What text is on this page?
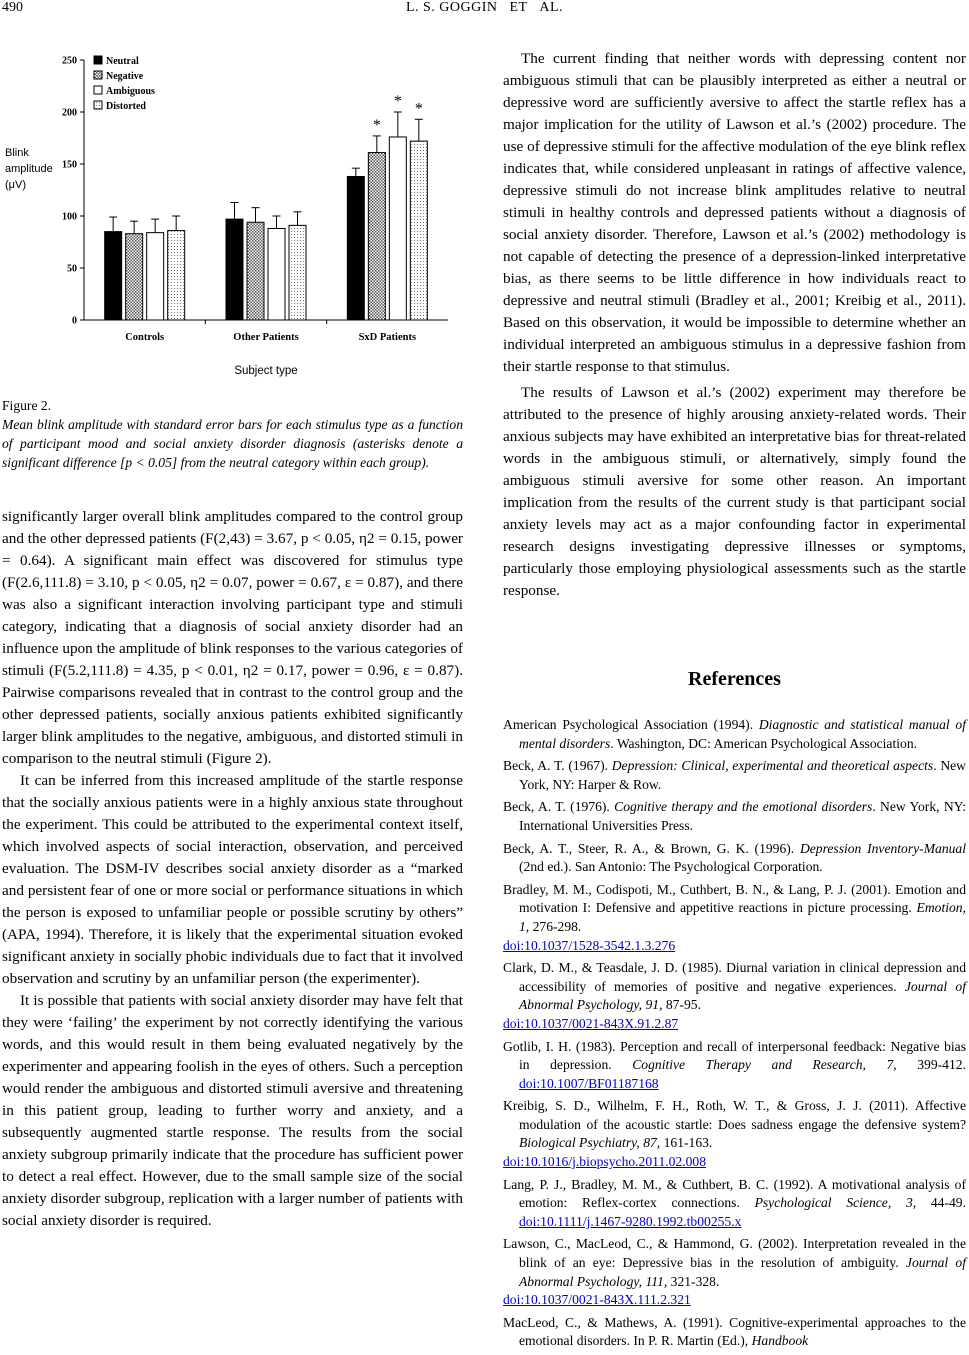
L. S. GOGGIN   ET   AL.
490
0
50
100
150
200
250	Neutral
Negative
Ambiguous
Distorted
Controls	Other Patients	SxD Patients
*
* *
Blink
amplitude
(μV)
Subject type
Figure 2.
Mean blink amplitude with standard error bars for each stimulus type as a function of participant mood and social anxiety disorder diagnosis (asterisks denote a significant difference [p < 0.05] from the neutral category within each group).

significantly larger overall blink amplitudes compared to the control group and the other depressed patients (F(2,43) = 3.67, p < 0.05, η2 = 0.15, power = 0.64). A significant main effect was discovered for stimulus type (F(2.6,111.8) = 3.10, p < 0.05, η2 = 0.07, power = 0.67, ε = 0.87), and there was also a significant interaction involving participant type and stimuli category, indicating that a diagnosis of social anxiety disorder had an influence upon the amplitude of blink responses to the various categories of stimuli (F(5.2,111.8) = 4.35, p < 0.01, η2 = 0.17, power = 0.96, ε = 0.87). Pairwise comparisons revealed that in contrast to the control group and the other depressed patients, socially anxious patients exhibited significantly larger blink amplitudes to the negative, ambiguous, and distorted stimuli in comparison to the neutral stimuli (Figure 2).

It can be inferred from this increased amplitude of the startle response that the socially anxious patients were in a highly anxious state throughout the experiment. This could be attributed to the experimental context itself, which involved aspects of social interaction, observation, and perceived evaluation. The DSM-IV describes social anxiety disorder as a “marked and persistent fear of one or more social or performance situations in which the person is exposed to unfamiliar people or possible scrutiny by others” (APA, 1994). Therefore, it is likely that the experimental situation evoked significant anxiety in socially phobic individuals due to fact that it involved observation and scrutiny by an unfamiliar person (the experimenter).

It is possible that patients with social anxiety disorder may have felt that they were ‘failing’ the experiment by not correctly identifying the various words, and this would result in them being evaluated negatively by the experimenter and appearing foolish in the eyes of others. Such a perception would render the ambiguous and distorted stimuli aversive and threatening in this patient group, leading to further worry and anxiety, and a subsequently augmented startle response. The results from the social anxiety subgroup primarily indicate that the procedure has sufficient power to detect a real effect. However, due to the small sample size of the social anxiety disorder subgroup, replication with a larger number of patients with social anxiety disorder is required.

The current finding that neither words with depressing content nor ambiguous stimuli that can be plausibly interpreted as either a neutral or depressive word are sufficiently aversive to affect the startle reflex has a major implication for the utility of Lawson et al.’s (2002) procedure. The use of depressive stimuli for the affective modulation of the eye blink reflex indicates that, while considered unpleasant in ratings of affective valence, depressive stimuli do not increase blink amplitudes relative to neutral stimuli in healthy controls and depressed patients without a diagnosis of social anxiety disorder. Therefore, Lawson et al.’s (2002) methodology is not capable of detecting the presence of a depression-linked interpretative bias, as there seems to be little difference in how individuals react to depressive and neutral stimuli (Bradley et al., 2001; Kreibig et al., 2011). Based on this observation, it would be impossible to determine whether an individual interpreted an ambiguous stimulus in a depressive fashion from their startle response to that stimulus.

The results of Lawson et al.’s (2002) experiment may therefore be attributed to the presence of highly arousing anxiety-related words. Their anxious subjects may have exhibited an interpretative bias for threat-related words in the ambiguous stimuli, or alternatively, simply found the ambiguous stimuli aversive for some other reason. An important implication from the results of the current study is that participant social anxiety levels may act as a major confounding factor in experimental research designs investigating depressive illnesses or symptoms, particularly those employing physiological assessments such as the startle response.

References
American Psychological Association (1994). Diagnostic and statistical manual of mental disorders. Washington, DC: American Psychological Association.
Beck, A. T. (1967). Depression: Clinical, experimental and theoretical aspects. New York, NY: Harper & Row.
Beck, A. T. (1976). Cognitive therapy and the emotional disorders. New York, NY: International Universities Press.
Beck, A. T., Steer, R. A., & Brown, G. K. (1996). Depression Inventory-Manual (2nd ed.). San Antonio: The Psychological Corporation.
Bradley, M. M., Codispoti, M., Cuthbert, B. N., & Lang, P. J. (2001). Emotion and motivation I: Defensive and appetitive reactions in picture processing. Emotion, 1, 276-298.
doi:10.1037/1528-3542.1.3.276
Clark, D. M., & Teasdale, J. D. (1985). Diurnal variation in clinical depression and accessibility of memories of positive and negative experiences. Journal of Abnormal Psychology, 91, 87-95.
doi:10.1037/0021-843X.91.2.87
Gotlib, I. H. (1983). Perception and recall of interpersonal feedback: Negative bias in depression. Cognitive Therapy and Research, 7, 399-412. doi:10.1007/BF01187168
Kreibig, S. D., Wilhelm, F. H., Roth, W. T., & Gross, J. J. (2011). Affective modulation of the acoustic startle: Does sadness engage the defensive system? Biological Psychiatry, 87, 161-163.
doi:10.1016/j.biopsycho.2011.02.008
Lang, P. J., Bradley, M. M., & Cuthbert, B. C. (1992). A motivational analysis of emotion: Reflex-cortex connections. Psychological Science, 3, 44-49. doi:10.1111/j.1467-9280.1992.tb00255.x
Lawson, C., MacLeod, C., & Hammond, G. (2002). Interpretation revealed in the blink of an eye: Depressive bias in the resolution of ambiguity. Journal of Abnormal Psychology, 111, 321-328.
doi:10.1037/0021-843X.111.2.321
MacLeod, C., & Mathews, A. (1991). Cognitive-experimental approaches to the emotional disorders. In P. R. Martin (Ed.), Handbook
